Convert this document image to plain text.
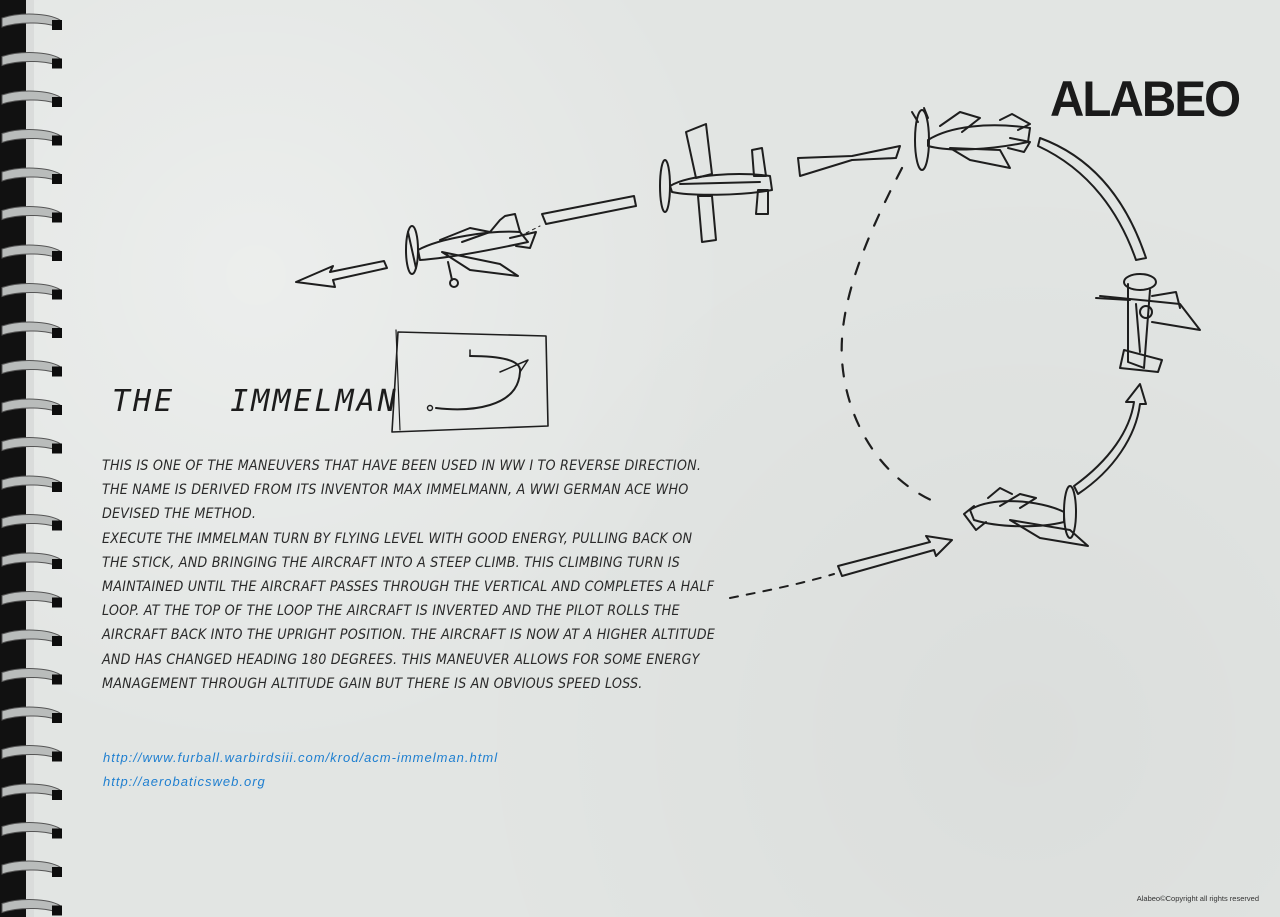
ALABEO
THE IMMELMAN

THIS IS ONE OF THE MANEUVERS THAT HAVE BEEN USED IN WW I TO REVERSE DIRECTION. THE NAME IS DERIVED FROM ITS INVENTOR MAX IMMELMANN, A WWI GERMAN ACE WHO DEVISED THE METHOD.

EXECUTE THE IMMELMAN TURN BY FLYING LEVEL WITH GOOD ENERGY, PULLING BACK ON THE STICK, AND BRINGING THE AIRCRAFT INTO A STEEP CLIMB. THIS CLIMBING TURN IS MAINTAINED UNTIL THE AIRCRAFT PASSES THROUGH THE VERTICAL AND COMPLETES A HALF LOOP. AT THE TOP OF THE LOOP THE AIRCRAFT IS INVERTED AND THE PILOT ROLLS THE AIRCRAFT BACK INTO THE UPRIGHT POSITION. THE AIRCRAFT IS NOW AT A HIGHER ALTITUDE AND HAS CHANGED HEADING 180 DEGREES. THIS MANEUVER ALLOWS FOR SOME ENERGY MANAGEMENT THROUGH ALTITUDE GAIN BUT THERE IS AN OBVIOUS SPEED LOSS.

http://www.furball.warbirdsiii.com/krod/acm-immelman.html
http://aerobaticsweb.org
Alabeo©Copyright all rights reserved
